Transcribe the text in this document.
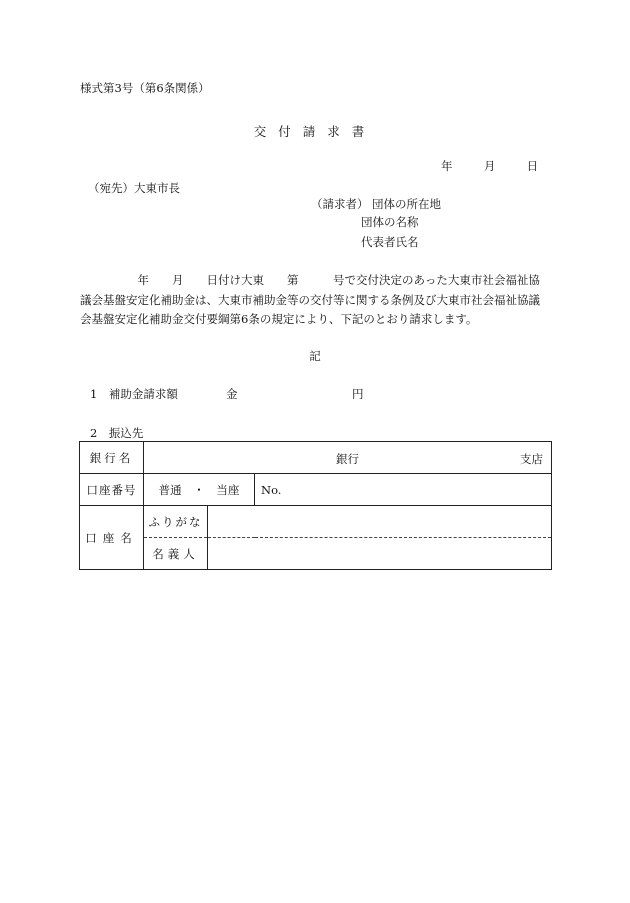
様式第3号（第6条関係）
交付請求書
年	月	日
（宛先）大東市長
（請求者） 団体の所在地
団体の名称
代表者氏名
　　　　　年　　月　　日付け大東　　第　　　号で交付決定のあった大東市社会福祉協
議会基盤安定化補助金は、大東市補助金等の交付等に関する条例及び大東市社会福祉協議
会基盤安定化補助金交付要綱第6条の規定により、下記のとおり請求します。
記
1　補助金請求額	金	円
2　振込先
銀行名	銀行 支店		

口座番号	普通 ・ 当座		No.
口座名	ふりがな		
	名義人		
